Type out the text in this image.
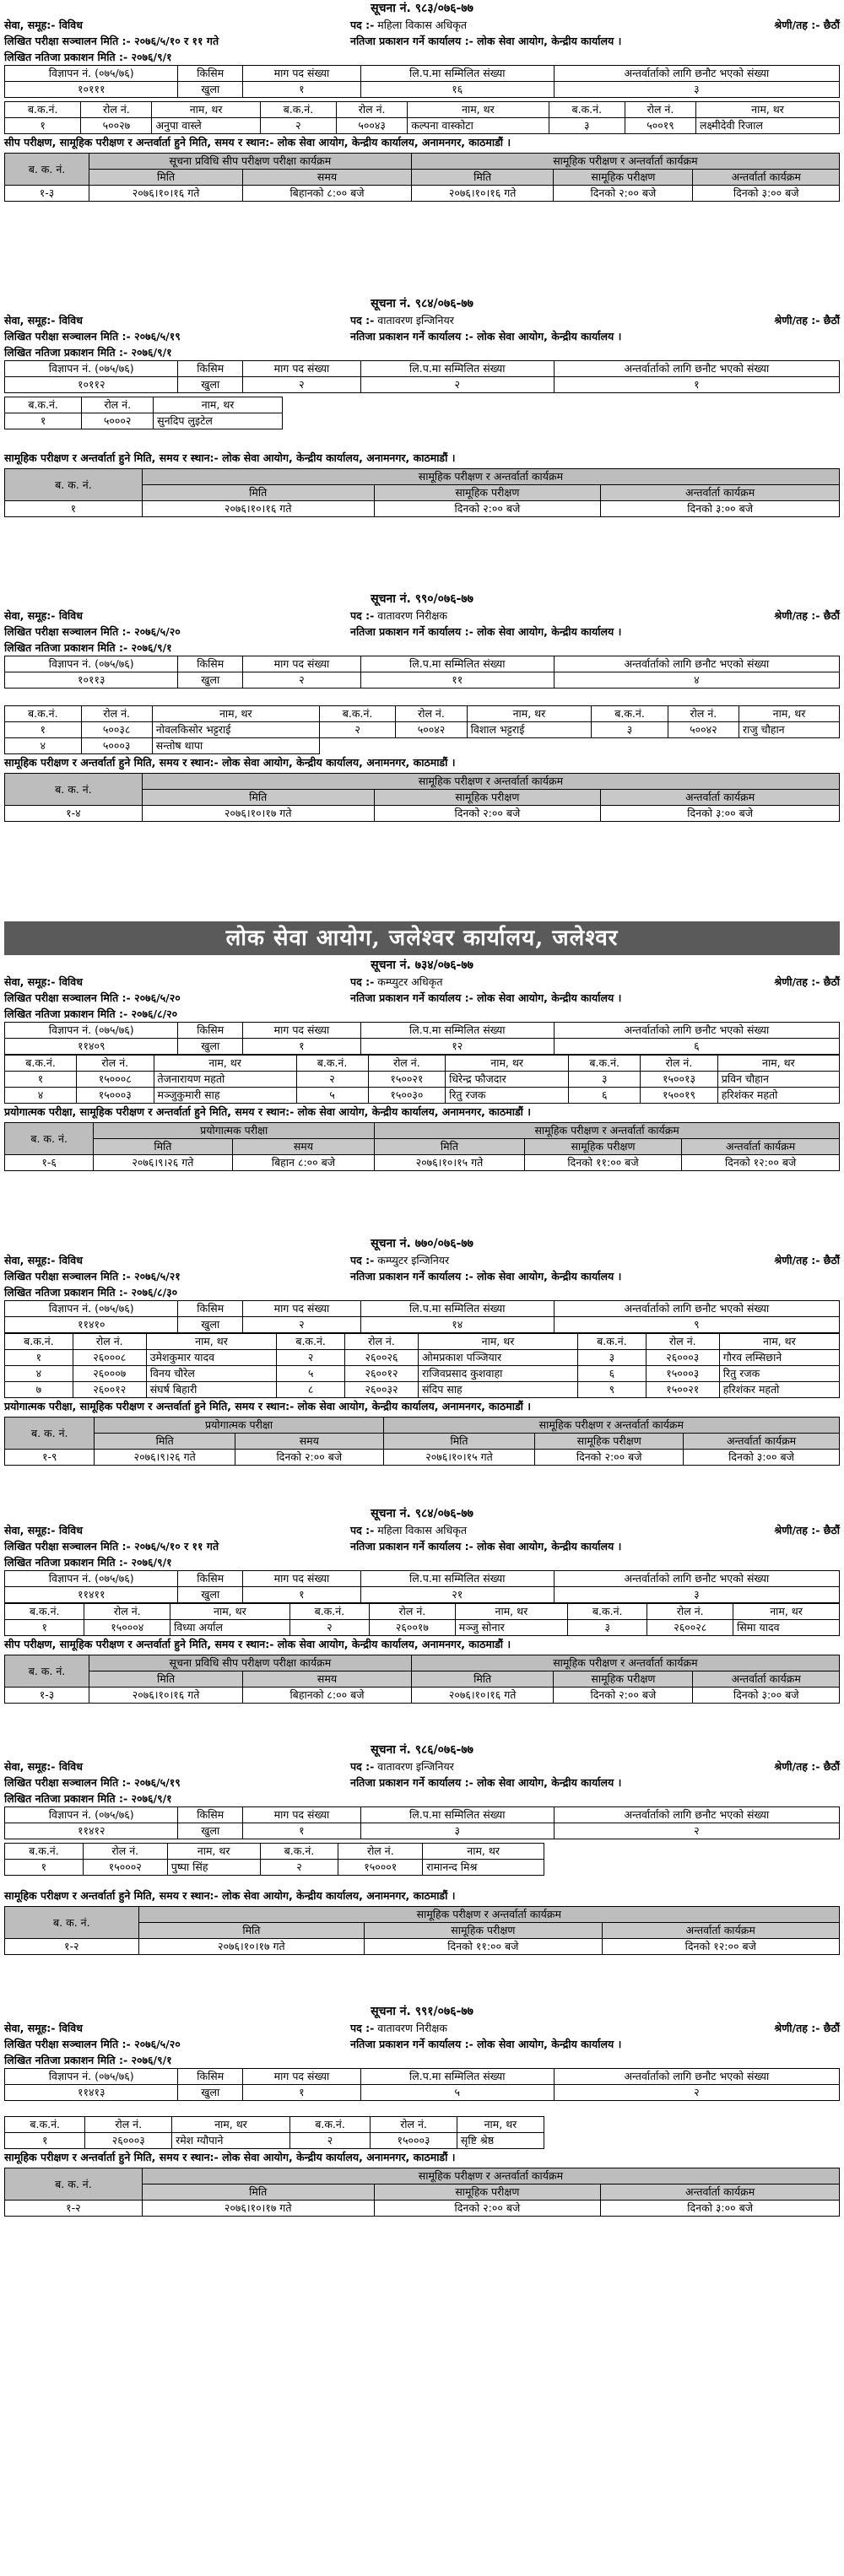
सूचना नं. ९८३/०७६-७७
सेवा, समूह:- विविध	पद :- महिला विकास अधिकृत	श्रेणी/तह :- छैठौं
लिखित परीक्षा सञ्चालन मिति :- २०७६/५/१० र ११ गते	नतिजा प्रकाशन गर्ने कार्यालय :- लोक सेवा आयोग, केन्द्रीय कार्यालय ।
लिखित नतिजा प्रकाशन मिति :- २०७६/९/१
विज्ञापन नं. (०७५/७६)	किसिम	माग पद संख्या	लि.प.मा सम्मिलित संख्या	अन्तर्वार्ताको लागि छनौट भएको संख्या
१०१११	खुला	१	१६	३
ब.क.नं.	रोल नं.	नाम, थर	ब.क.नं.	रोल नं.	नाम, थर	ब.क.नं.	रोल नं.	नाम, थर
१	५००२७	अनुपा वास्ले	२	५००४३	कल्पना वास्कोटा	३	५००१९	लक्ष्मीदेवी रिजाल
सीप परीक्षण, सामूहिक परीक्षण र अन्तर्वार्ता हुने मिति, समय र स्थान:- लोक सेवा आयोग, केन्द्रीय कार्यालय, अनामनगर, काठमाडौं ।
ब. क. नं.	सूचना प्रविधि सीप परीक्षण परीक्षा कार्यक्रम		सामूहिक परीक्षण र अन्तर्वार्ता कार्यक्रम		
	मिति	समय	मिति	सामूहिक परीक्षण	अन्तर्वार्ता कार्यक्रम
१-३	२०७६।१०।१६ गते	बिहानको ८:०० बजे	२०७६।१०।१६ गते	दिनको २:०० बजे	दिनको ३:०० बजे
सूचना नं. ९८४/०७६-७७
सेवा, समूह:- विविध	पद :- वातावरण इन्जिनियर	श्रेणी/तह :- छैठौं
लिखित परीक्षा सञ्चालन मिति :- २०७६/५/१९	नतिजा प्रकाशन गर्ने कार्यालय :- लोक सेवा आयोग, केन्द्रीय कार्यालय ।
लिखित नतिजा प्रकाशन मिति :- २०७६/९/१
विज्ञापन नं. (०७५/७६)	किसिम	माग पद संख्या	लि.प.मा सम्मिलित संख्या	अन्तर्वार्ताको लागि छनौट भएको संख्या
१०११२	खुला	२	२	१
ब.क.नं.	रोल नं.	नाम, थर
१	५०००२	सुनदिप लुइटेल
सामूहिक परीक्षण र अन्तर्वार्ता हुने मिति, समय र स्थान:- लोक सेवा आयोग, केन्द्रीय कार्यालय, अनामनगर, काठमाडौं ।
ब. क. नं.	सामूहिक परीक्षण र अन्तर्वार्ता कार्यक्रम		
	मिति	सामूहिक परीक्षण	अन्तर्वार्ता कार्यक्रम
१	२०७६।१०।१६ गते	दिनको २:०० बजे	दिनको ३:०० बजे
सूचना नं. ९९०/०७६-७७
सेवा, समूह:- विविध	पद :- वातावरण निरीक्षक	श्रेणी/तह :- छैठौं
लिखित परीक्षा सञ्चालन मिति :- २०७६/५/२०	नतिजा प्रकाशन गर्ने कार्यालय :- लोक सेवा आयोग, केन्द्रीय कार्यालय ।
लिखित नतिजा प्रकाशन मिति :- २०७६/९/१
विज्ञापन नं. (०७५/७६)	किसिम	माग पद संख्या	लि.प.मा सम्मिलित संख्या	अन्तर्वार्ताको लागि छनौट भएको संख्या
१०११३	खुला	२	११	४
ब.क.नं.	रोल नं.	नाम, थर	ब.क.नं.	रोल नं.	नाम, थर	ब.क.नं.	रोल नं.	नाम, थर
१	५००३८	नोवलकिसोर भट्टराई	२	५००४२	विशाल भट्टराई	३	५००४२	राजु चौहान
४	५०००३	सन्तोष थापा						
सामूहिक परीक्षण र अन्तर्वार्ता हुने मिति, समय र स्थान:- लोक सेवा आयोग, केन्द्रीय कार्यालय, अनामनगर, काठमाडौं ।
ब. क. नं.	सामूहिक परीक्षण र अन्तर्वार्ता कार्यक्रम		
	मिति	सामूहिक परीक्षण	अन्तर्वार्ता कार्यक्रम
१-४	२०७६।१०।१७ गते	दिनको २:०० बजे	दिनको ३:०० बजे
लोक सेवा आयोग, जलेश्वर कार्यालय, जलेश्वर
सूचना नं. ७३४/०७६-७७
सेवा, समूह:- विविध	पद :- कम्प्युटर अधिकृत	श्रेणी/तह :- छैठौं
लिखित परीक्षा सञ्चालन मिति :- २०७६/५/२०	नतिजा प्रकाशन गर्ने कार्यालय :- लोक सेवा आयोग, केन्द्रीय कार्यालय ।
लिखित नतिजा प्रकाशन मिति :- २०७६/८/२०
विज्ञापन नं. (०७५/७६)	किसिम	माग पद संख्या	लि.प.मा सम्मिलित संख्या	अन्तर्वार्ताको लागि छनौट भएको संख्या
११४०९	खुला	१	१२	६
ब.क.नं.	रोल नं.	नाम, थर	ब.क.नं.	रोल नं.	नाम, थर	ब.क.नं.	रोल नं.	नाम, थर
१	१५०००८	तेजनारायण महतो	२	१५००२१	धिरेन्द्र फौजदार	३	१५००१३	प्रविन चौहान
४	१५०००३	मञ्जुकुमारी साह	५	१५००३०	रितु रजक	६	१५००१९	हरिशंकर महतो
प्रयोगात्मक परीक्षा, सामूहिक परीक्षण र अन्तर्वार्ता हुने मिति, समय र स्थान:- लोक सेवा आयोग, केन्द्रीय कार्यालय, अनामनगर, काठमाडौं ।
ब. क. नं.	प्रयोगात्मक परीक्षा		सामूहिक परीक्षण र अन्तर्वार्ता कार्यक्रम		
	मिति	समय	मिति	सामूहिक परीक्षण	अन्तर्वार्ता कार्यक्रम
१-६	२०७६।९।२६ गते	बिहान ८:०० बजे	२०७६।१०।१५ गते	दिनको ११:०० बजे	दिनको १२:०० बजे
सूचना नं. ७७०/०७६-७७
सेवा, समूह:- विविध	पद :- कम्प्युटर इन्जिनियर	श्रेणी/तह :- छैठौं
लिखित परीक्षा सञ्चालन मिति :- २०७६/५/२१	नतिजा प्रकाशन गर्ने कार्यालय :- लोक सेवा आयोग, केन्द्रीय कार्यालय ।
लिखित नतिजा प्रकाशन मिति :- २०७६/८/३०
विज्ञापन नं. (०७५/७६)	किसिम	माग पद संख्या	लि.प.मा सम्मिलित संख्या	अन्तर्वार्ताको लागि छनौट भएको संख्या
११४१०	खुला	२	१४	९
ब.क.नं.	रोल नं.	नाम, थर	ब.क.नं.	रोल नं.	नाम, थर	ब.क.नं.	रोल नं.	नाम, थर
१	२६०००८	उमेशकुमार यादव	२	२६००२६	ओमप्रकाश पञ्जियार	३	२६०००३	गौरव लम्सिछाने
४	२६०००७	विनय चौरेल	५	२६००१२	राजिवप्रसाद कुशवाहा	६	१५०००३	रितु रजक
७	२६००१२	संघर्ष बिहारी	८	२६००३२	संदिप साह	९	१५००२१	हरिशंकर महतो
प्रयोगात्मक परीक्षा, सामूहिक परीक्षण र अन्तर्वार्ता हुने मिति, समय र स्थान:- लोक सेवा आयोग, केन्द्रीय कार्यालय, अनामनगर, काठमाडौं ।
ब. क. नं.	प्रयोगात्मक परीक्षा		सामूहिक परीक्षण र अन्तर्वार्ता कार्यक्रम		
	मिति	समय	मिति	सामूहिक परीक्षण	अन्तर्वार्ता कार्यक्रम
१-९	२०७६।९।२६ गते	दिनको २:०० बजे	२०७६।१०।१५ गते	दिनको २:०० बजे	दिनको ३:०० बजे
सूचना नं. ९८४/०७६-७७
सेवा, समूह:- विविध	पद :- महिला विकास अधिकृत	श्रेणी/तह :- छैठौं
लिखित परीक्षा सञ्चालन मिति :- २०७६/५/१० र ११ गते	नतिजा प्रकाशन गर्ने कार्यालय :- लोक सेवा आयोग, केन्द्रीय कार्यालय ।
लिखित नतिजा प्रकाशन मिति :- २०७६/९/१
विज्ञापन नं. (०७५/७६)	किसिम	माग पद संख्या	लि.प.मा सम्मिलित संख्या	अन्तर्वार्ताको लागि छनौट भएको संख्या
११४११	खुला	१	२१	३
ब.क.नं.	रोल नं.	नाम, थर	ब.क.नं.	रोल नं.	नाम, थर	ब.क.नं.	रोल नं.	नाम, थर
१	१५०००४	विध्या अर्याल	२	२६००१७	मञ्जु सोनार	३	२६००२८	सिमा यादव
सीप परीक्षण, सामूहिक परीक्षण र अन्तर्वार्ता हुने मिति, समय र स्थान:- लोक सेवा आयोग, केन्द्रीय कार्यालय, अनामनगर, काठमाडौं ।
ब. क. नं.	सूचना प्रविधि सीप परीक्षण परीक्षा कार्यक्रम		सामूहिक परीक्षण र अन्तर्वार्ता कार्यक्रम		
	मिति	समय	मिति	सामूहिक परीक्षण	अन्तर्वार्ता कार्यक्रम
१-३	२०७६।१०।१६ गते	बिहानको ८:०० बजे	२०७६।१०।१६ गते	दिनको २:०० बजे	दिनको ३:०० बजे
सूचना नं. ९८६/०७६-७७
सेवा, समूह:- विविध	पद :- वातावरण इन्जिनियर	श्रेणी/तह :- छैठौं
लिखित परीक्षा सञ्चालन मिति :- २०७६/५/१९	नतिजा प्रकाशन गर्ने कार्यालय :- लोक सेवा आयोग, केन्द्रीय कार्यालय ।
लिखित नतिजा प्रकाशन मिति :- २०७६/९/१
विज्ञापन नं. (०७५/७६)	किसिम	माग पद संख्या	लि.प.मा सम्मिलित संख्या	अन्तर्वार्ताको लागि छनौट भएको संख्या
११४१२	खुला	१	३	२
ब.क.नं.	रोल नं.	नाम, थर	ब.क.नं.	रोल नं.	नाम, थर
१	१५०००२	पुष्पा सिंह	२	१५०००१	रामानन्द मिश्र
सामूहिक परीक्षण र अन्तर्वार्ता हुने मिति, समय र स्थान:- लोक सेवा आयोग, केन्द्रीय कार्यालय, अनामनगर, काठमाडौं ।
ब. क. नं.	सामूहिक परीक्षण र अन्तर्वार्ता कार्यक्रम		
	मिति	सामूहिक परीक्षण	अन्तर्वार्ता कार्यक्रम
१-२	२०७६।१०।१७ गते	दिनको ११:०० बजे	दिनको १२:०० बजे
सूचना नं. ९९१/०७६-७७
सेवा, समूह:- विविध	पद :- वातावरण निरीक्षक	श्रेणी/तह :- छैठौं
लिखित परीक्षा सञ्चालन मिति :- २०७६/५/२०	नतिजा प्रकाशन गर्ने कार्यालय :- लोक सेवा आयोग, केन्द्रीय कार्यालय ।
लिखित नतिजा प्रकाशन मिति :- २०७६/९/१
विज्ञापन नं. (०७५/७६)	किसिम	माग पद संख्या	लि.प.मा सम्मिलित संख्या	अन्तर्वार्ताको लागि छनौट भएको संख्या
११४१३	खुला	१	५	२
ब.क.नं.	रोल नं.	नाम, थर	ब.क.नं.	रोल नं.	नाम, थर
१	२६०००३	रमेश ग्यौपाने	२	१५०००३	सृष्टि श्रेष्ठ
सामूहिक परीक्षण र अन्तर्वार्ता हुने मिति, समय र स्थान:- लोक सेवा आयोग, केन्द्रीय कार्यालय, अनामनगर, काठमाडौं ।
ब. क. नं.	सामूहिक परीक्षण र अन्तर्वार्ता कार्यक्रम		
	मिति	सामूहिक परीक्षण	अन्तर्वार्ता कार्यक्रम
१-२	२०७६।१०।१७ गते	दिनको २:०० बजे	दिनको ३:०० बजे
